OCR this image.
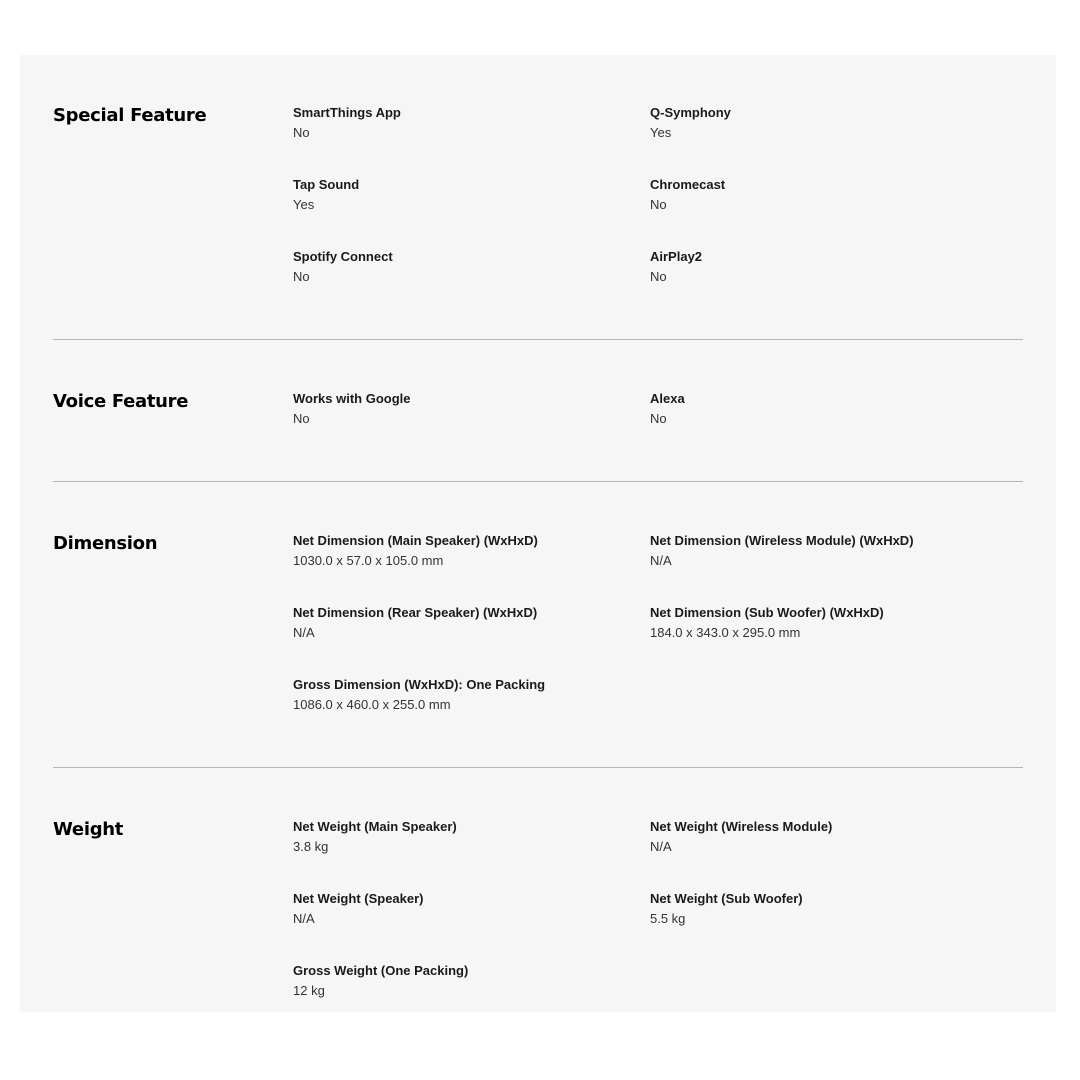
Special Feature	SmartThings App
No
Q-Symphony
Yes
Tap Sound
Yes
Chromecast
No
Spotify Connect
No
AirPlay2
No
Voice Feature	Works with Google
No
Alexa
No
Dimension	Net Dimension (Main Speaker) (WxHxD)
1030.0 x 57.0 x 105.0 mm
Net Dimension (Wireless Module) (WxHxD)
N/A
Net Dimension (Rear Speaker) (WxHxD)
N/A
Net Dimension (Sub Woofer) (WxHxD)
184.0 x 343.0 x 295.0 mm
Gross Dimension (WxHxD): One Packing
1086.0 x 460.0 x 255.0 mm
Weight	Net Weight (Main Speaker)
3.8 kg
Net Weight (Wireless Module)
N/A
Net Weight (Speaker)
N/A
Net Weight (Sub Woofer)
5.5 kg
Gross Weight (One Packing)
12 kg
